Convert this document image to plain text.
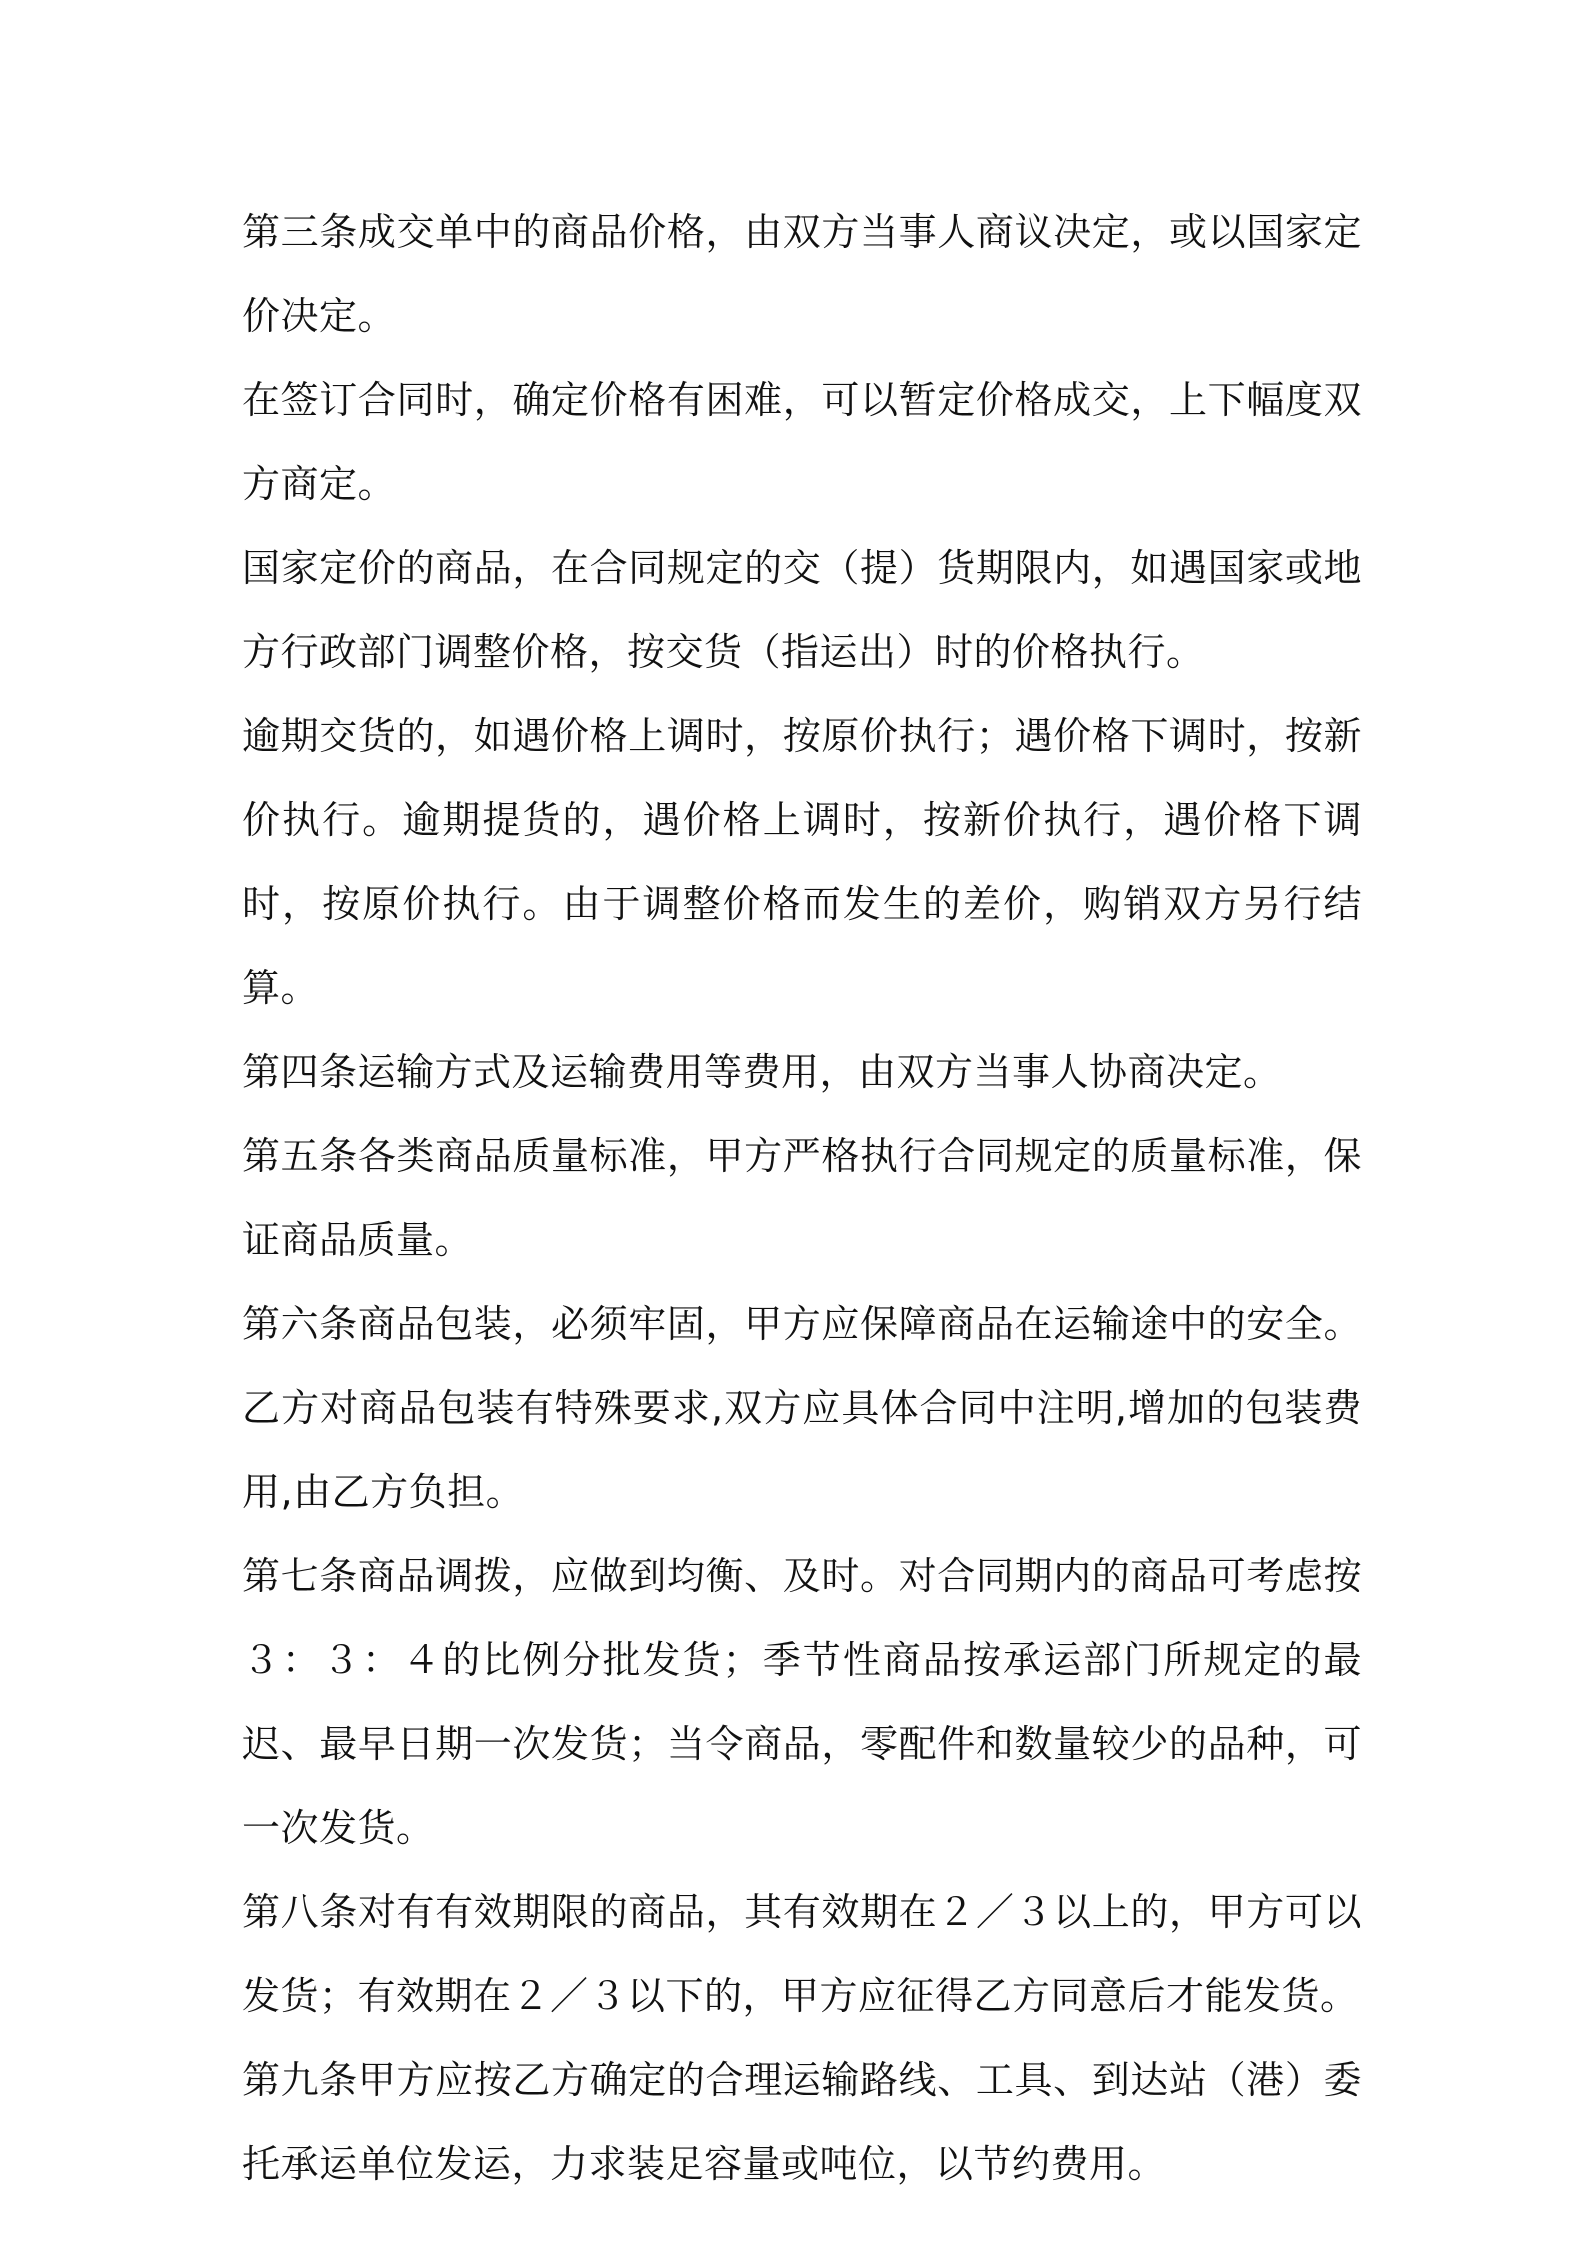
第三条成交单中的商品价格，由双方当事人商议决定，或以国家定价决定。

在签订合同时，确定价格有困难，可以暂定价格成交，上下幅度双方商定。

国家定价的商品，在合同规定的交（提）货期限内，如遇国家或地方行政部门调整价格，按交货（指运出）时的价格执行。

逾期交货的，如遇价格上调时，按原价执行；遇价格下调时，按新价执行。逾期提货的，遇价格上调时，按新价执行，遇价格下调时，按原价执行。由于调整价格而发生的差价，购销双方另行结算。

第四条运输方式及运输费用等费用，由双方当事人协商决定。

第五条各类商品质量标准，甲方严格执行合同规定的质量标准，保证商品质量。

第六条商品包装，必须牢固，甲方应保障商品在运输途中的安全。乙方对商品包装有特殊要求,双方应具体合同中注明,增加的包装费用,由乙方负担。

第七条商品调拨，应做到均衡、及时。对合同期内的商品可考虑按３：３：４的比例分批发货；季节性商品按承运部门所规定的最迟、最早日期一次发货；当令商品，零配件和数量较少的品种，可一次发货。

第八条对有有效期限的商品，其有效期在２／３以上的，甲方可以发货；有效期在２／３以下的，甲方应征得乙方同意后才能发货。

第九条甲方应按乙方确定的合理运输路线、工具、到达站（港）委托承运单位发运，力求装足容量或吨位，以节约费用。
